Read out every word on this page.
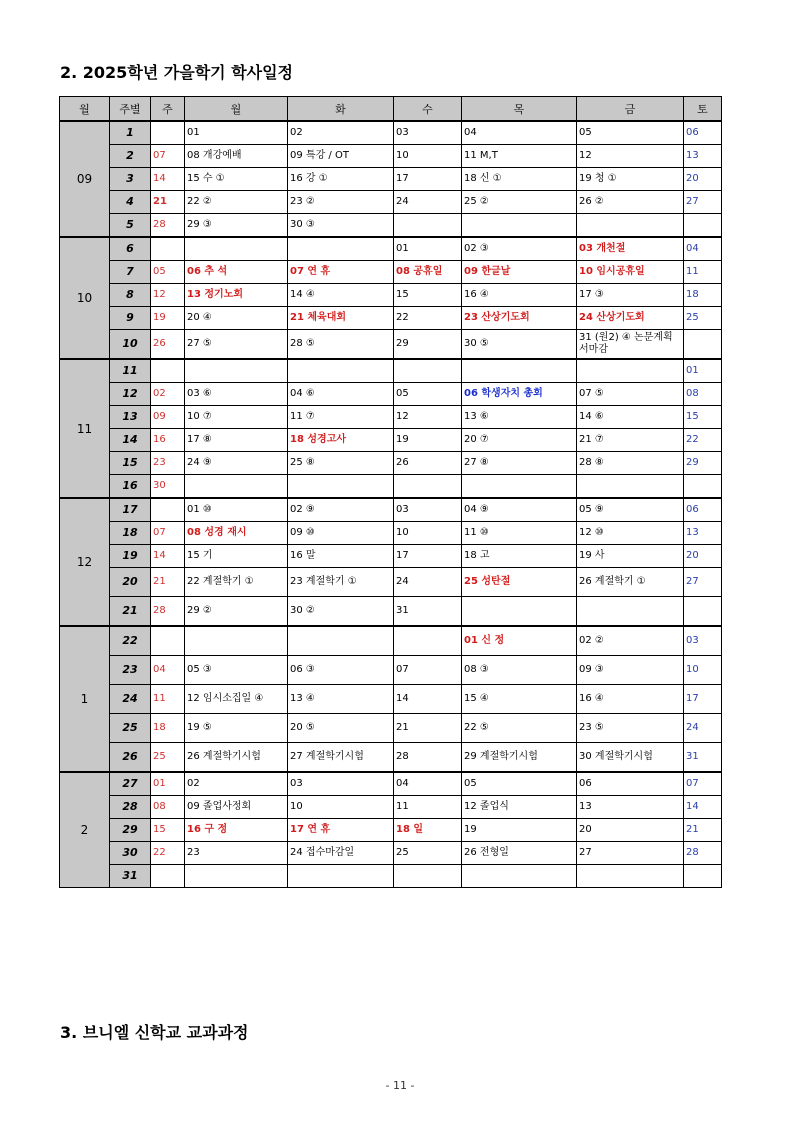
2. 2025학년 가을학기 학사일정
월	주별	주	월	화	수	목	금	토
09	1		01	02	03	04	05	06
	2	07	08 개강예배	09 특강 / OT	10	11 M,T	12	13
	3	14	15 수 ①	16 강 ①	17	18 신 ①	19 청 ①	20
	4	21	22 ②	23 ②	24	25 ②	26 ②	27
	5	28	29 ③	30 ③				
10	6				01	02 ③	03 개천절	04
	7	05	06 추 석	07 연 휴	08 공휴일	09 한글날	10 임시공휴일	11
	8	12	13 정기노회	14 ④	15	16 ④	17 ③	18
	9	19	20 ④	21 체육대회	22	23 산상기도회	24 산상기도회	25
	10	26	27 ⑤	28 ⑤	29	30 ⑤	31 (원2) ④ 논문계획서마감	
11	11							01
	12	02	03 ⑥	04 ⑥	05	06 학생자치 총회	07 ⑤	08
	13	09	10 ⑦	11 ⑦	12	13 ⑥	14 ⑥	15
	14	16	17 ⑧	18 성경고사	19	20 ⑦	21 ⑦	22
	15	23	24 ⑨	25 ⑧	26	27 ⑧	28 ⑧	29
	16	30						
12	17		01 ⑩	02 ⑨	03	04 ⑨	05 ⑨	06
	18	07	08 성경 재시	09 ⑩	10	11 ⑩	12 ⑩	13
	19	14	15 기	16 말	17	18 고	19 사	20
	20	21	22 계절학기 ①	23 계절학기 ①	24	25 성탄절	26 계절학기 ①	27
	21	28	29 ②	30 ②	31			
1	22					01 신 정	02 ②	03
	23	04	05 ③	06 ③	07	08 ③	09 ③	10
	24	11	12 임시소집일 ④	13 ④	14	15 ④	16 ④	17
	25	18	19 ⑤	20 ⑤	21	22 ⑤	23 ⑤	24
	26	25	26 계절학기시험	27 계절학기시험	28	29 계절학기시험	30 계절학기시험	31
2	27	01	02	03	04	05	06	07
	28	08	09 졸업사정회	10	11	12 졸업식	13	14
	29	15	16 구 정	17 연 휴	18 일	19	20	21
	30	22	23	24 접수마감일	25	26 전형일	27	28
	31							
3. 브니엘 신학교 교과과정
- 11 -
